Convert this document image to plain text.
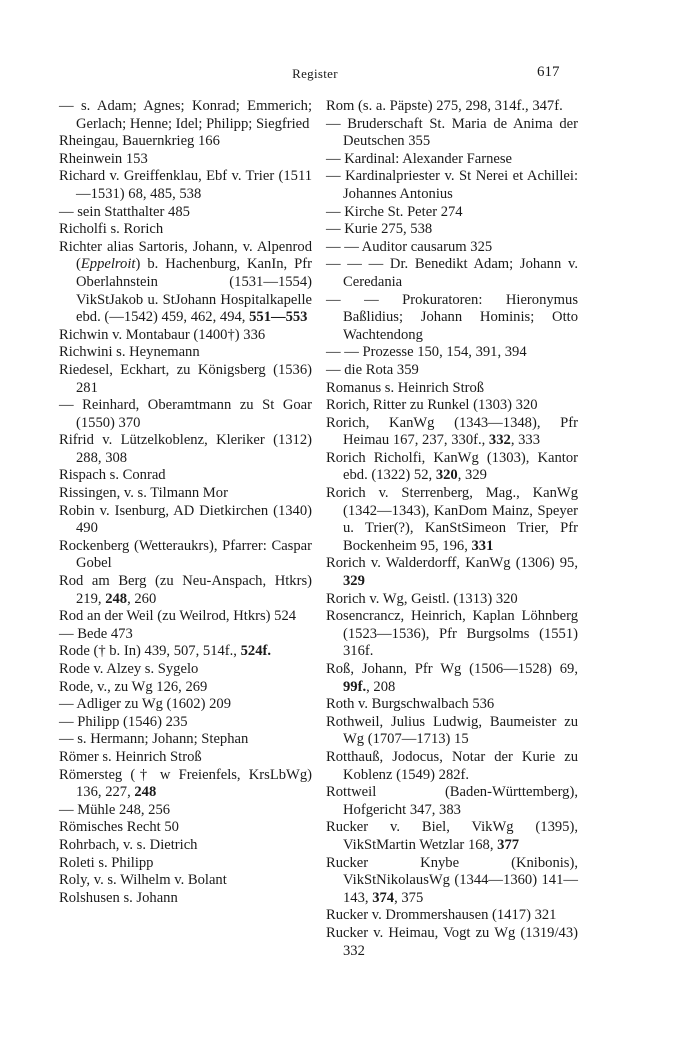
Register	617

— s. Adam; Agnes; Konrad; Emmerich; Gerlach; Henne; Idel; Philipp; Siegfried

Rheingau, Bauernkrieg 166

Rheinwein 153

Richard v. Greiffenklau, Ebf v. Trier (1511—1531) 68, 485, 538

— sein Statthalter 485

Richolfi s. Rorich

Richter alias Sartoris, Johann, v. Alpenrod (Eppelroit) b. Hachenburg, KanIn, Pfr Oberlahnstein (1531—1554) VikStJakob u. StJohann Hospitalkapelle ebd. (—1542) 459, 462, 494, 551—553

Richwin v. Montabaur (1400†) 336

Richwini s. Heynemann

Riedesel, Eckhart, zu Königsberg (1536) 281

— Reinhard, Oberamtmann zu St Goar (1550) 370

Rifrid v. Lützelkoblenz, Kleriker (1312) 288, 308

Rispach s. Conrad

Rissingen, v. s. Tilmann Mor

Robin v. Isenburg, AD Dietkirchen (1340) 490

Rockenberg (Wetteraukrs), Pfarrer: Caspar Gobel

Rod am Berg (zu Neu-Anspach, Htkrs) 219, 248, 260

Rod an der Weil (zu Weilrod, Htkrs) 524

— Bede 473

Rode († b. In) 439, 507, 514f., 524f.

Rode v. Alzey s. Sygelo

Rode, v., zu Wg 126, 269

— Adliger zu Wg (1602) 209

— Philipp (1546) 235

— s. Hermann; Johann; Stephan

Römer s. Heinrich Stroß

Römersteg († w Freienfels, KrsLbWg) 136, 227, 248

— Mühle 248, 256

Römisches Recht 50

Rohrbach, v. s. Dietrich

Roleti s. Philipp

Roly, v. s. Wilhelm v. Bolant

Rolshusen s. Johann

Rom (s. a. Päpste) 275, 298, 314f., 347f.

— Bruderschaft St. Maria de Anima der Deutschen 355

— Kardinal: Alexander Farnese

— Kardinalpriester v. St Nerei et Achillei: Johannes Antonius

— Kirche St. Peter 274

— Kurie 275, 538

— — Auditor causarum 325

— — — Dr. Benedikt Adam; Johann v. Ceredania

— — Prokuratoren: Hieronymus Baßlidius; Johann Hominis; Otto Wachtendong

— — Prozesse 150, 154, 391, 394

— die Rota 359

Romanus s. Heinrich Stroß

Rorich, Ritter zu Runkel (1303) 320

Rorich, KanWg (1343—1348), Pfr Heimau 167, 237, 330f., 332, 333

Rorich Richolfi, KanWg (1303), Kantor ebd. (1322) 52, 320, 329

Rorich v. Sterrenberg, Mag., KanWg (1342—1343), KanDom Mainz, Speyer u. Trier(?), KanStSimeon Trier, Pfr Bockenheim 95, 196, 331

Rorich v. Walderdorff, KanWg (1306) 95, 329

Rorich v. Wg, Geistl. (1313) 320

Rosencrancz, Heinrich, Kaplan Löhnberg (1523—1536), Pfr Burgsolms (1551) 316f.

Roß, Johann, Pfr Wg (1506—1528) 69, 99f., 208

Roth v. Burgschwalbach 536

Rothweil, Julius Ludwig, Baumeister zu Wg (1707—1713) 15

Rotthauß, Jodocus, Notar der Kurie zu Koblenz (1549) 282f.

Rottweil (Baden-Württemberg), Hofgericht 347, 383

Rucker v. Biel, VikWg (1395), VikStMartin Wetzlar 168, 377

Rucker Knybe (Knibonis), VikStNikolausWg (1344—1360) 141—143, 374, 375

Rucker v. Drommershausen (1417) 321

Rucker v. Heimau, Vogt zu Wg (1319/43) 332
